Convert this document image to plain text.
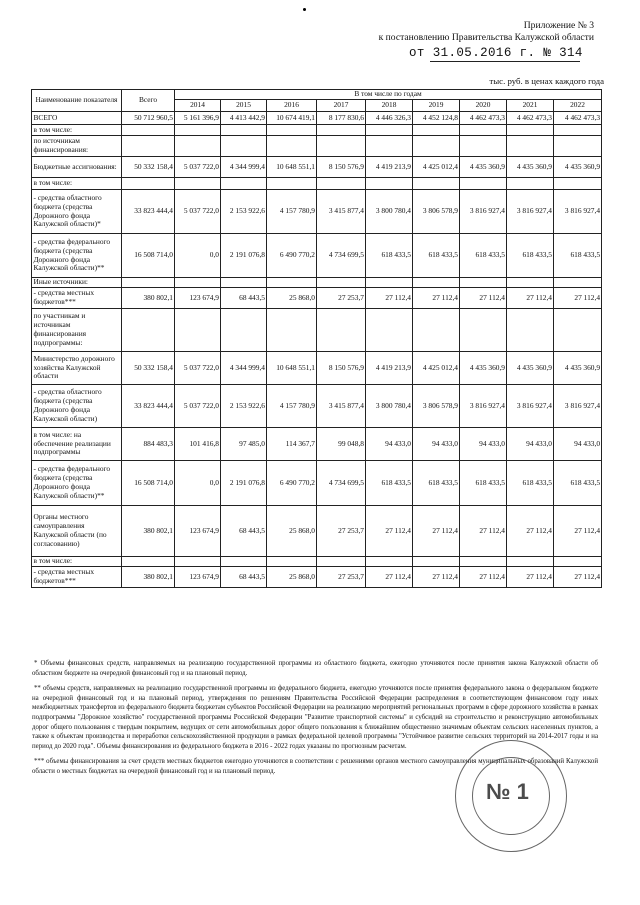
Приложение № 3
к постановлению Правительства Калужской области
от 31.05.2016 г. № 314
тыс. руб. в ценах каждого года
Наименование показателя	Всего	В том числе по годам								
		2014	2015	2016	2017	2018	2019	2020	2021	2022
ВСЕГО	50 712 960,5	5 161 396,9	4 413 442,9	10 674 419,1	8 177 830,6	4 446 326,3	4 452 124,8	4 462 473,3	4 462 473,3	4 462 473,3
в том числе:										
по источникам финансирования:										
Бюджетные ассигнования:	50 332 158,4	5 037 722,0	4 344 999,4	10 648 551,1	8 150 576,9	4 419 213,9	4 425 012,4	4 435 360,9	4 435 360,9	4 435 360,9
в том числе:										
- средства областного бюджета (средства Дорожного фонда Калужской области)*	33 823 444,4	5 037 722,0	2 153 922,6	4 157 780,9	3 415 877,4	3 800 780,4	3 806 578,9	3 816 927,4	3 816 927,4	3 816 927,4
- средства федерального бюджета (средства Дорожного фонда Калужской области)**	16 508 714,0	0,0	2 191 076,8	6 490 770,2	4 734 699,5	618 433,5	618 433,5	618 433,5	618 433,5	618 433,5
Иные источники:										
- средства местных бюджетов***	380 802,1	123 674,9	68 443,5	25 868,0	27 253,7	27 112,4	27 112,4	27 112,4	27 112,4	27 112,4
по участникам и источникам финансирования подпрограммы:										
Министерство дорожного хозяйства Калужской области	50 332 158,4	5 037 722,0	4 344 999,4	10 648 551,1	8 150 576,9	4 419 213,9	4 425 012,4	4 435 360,9	4 435 360,9	4 435 360,9
- средства областного бюджета (средства Дорожного фонда Калужской области)	33 823 444,4	5 037 722,0	2 153 922,6	4 157 780,9	3 415 877,4	3 800 780,4	3 806 578,9	3 816 927,4	3 816 927,4	3 816 927,4
в том числе: на обеспечение реализации подпрограммы	884 483,3	101 416,8	97 485,0	114 367,7	99 048,8	94 433,0	94 433,0	94 433,0	94 433,0	94 433,0
- средства федерального бюджета (средства Дорожного фонда Калужской области)**	16 508 714,0	0,0	2 191 076,8	6 490 770,2	4 734 699,5	618 433,5	618 433,5	618 433,5	618 433,5	618 433,5
Органы местного самоуправления Калужской области (по согласованию)	380 802,1	123 674,9	68 443,5	25 868,0	27 253,7	27 112,4	27 112,4	27 112,4	27 112,4	27 112,4
в том числе:										
- средства местных бюджетов***	380 802,1	123 674,9	68 443,5	25 868,0	27 253,7	27 112,4	27 112,4	27 112,4	27 112,4	27 112,4

* Объемы финансовых средств, направляемых на реализацию государственной программы из областного бюджета, ежегодно уточняются после принятия закона Калужской области об областном бюджете на очередной финансовый год и на плановый период.

** объемы средств, направляемых на реализацию государственной программы из федерального бюджета, ежегодно уточняются после принятия федерального закона о федеральном бюджете на очередной финансовый год и на плановый период, утверждения по решениям Правительства Российской Федерации распределения в соответствующем финансовом году иных межбюджетных трансфертов из федерального бюджета бюджетам субъектов Российской Федерации на реализацию мероприятий региональных программ в сфере дорожного хозяйства в рамках подпрограммы "Дорожное хозяйство" государственной программы Российской Федерации "Развитие транспортной системы" и субсидий на строительство и реконструкцию автомобильных дорог общего пользования с твердым покрытием, ведущих от сети автомобильных дорог общего пользования к ближайшим общественно значимым объектам сельских населенных пунктов, а также к объектам производства и переработки сельскохозяйственной продукции в рамках федеральной целевой программы "Устойчивое развитие сельских территорий на 2014-2017 годы и на период до 2020 года". Объемы финансирования из федерального бюджета в 2016 - 2022 годах указаны по прогнозным расчетам.

*** объемы финансирования за счет средств местных бюджетов ежегодно уточняются в соответствии с решениями органов местного самоуправления муниципальных образований Калужской области о местных бюджетах на очередной финансовый год и на плановый период.

№ 1
